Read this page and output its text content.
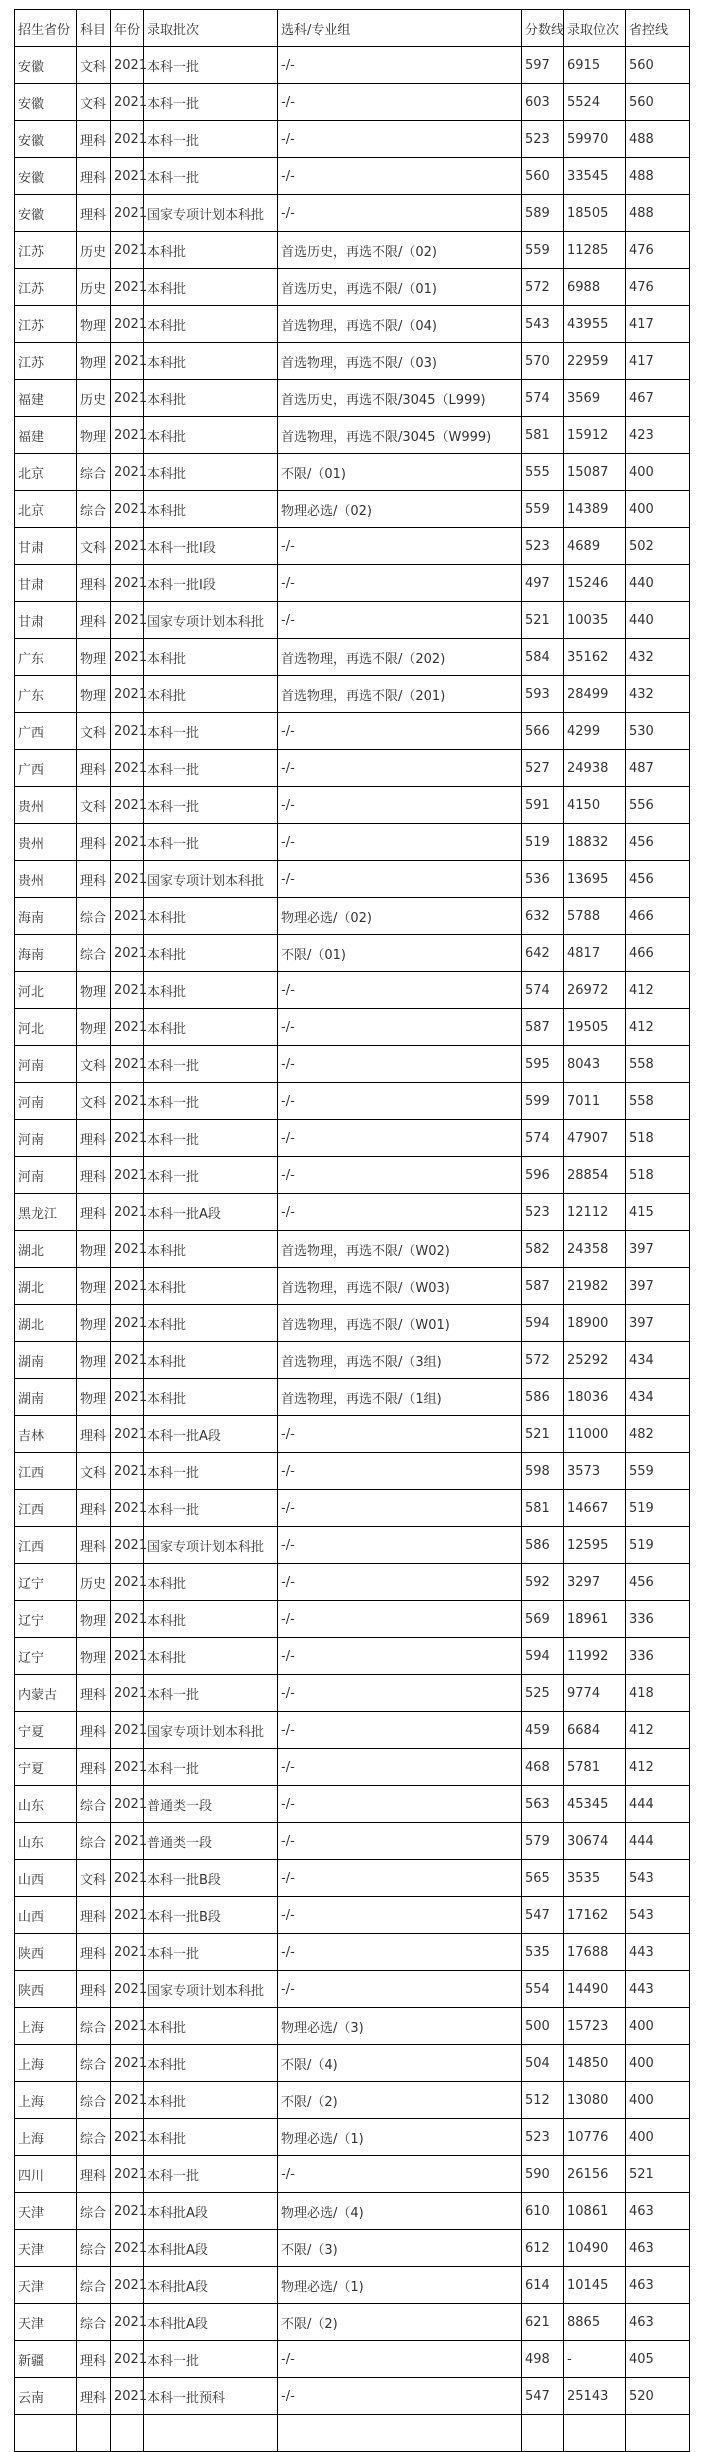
招生省份	科目	年份	录取批次	选科/专业组	分数线	录取位次	省控线
安徽	文科	2021	本科一批	-/-	597	6915	560
安徽	文科	2021	本科一批	-/-	603	5524	560
安徽	理科	2021	本科一批	-/-	523	59970	488
安徽	理科	2021	本科一批	-/-	560	33545	488
安徽	理科	2021	国家专项计划本科批	-/-	589	18505	488
江苏	历史	2021	本科批	首选历史，再选不限/（02)	559	11285	476
江苏	历史	2021	本科批	首选历史，再选不限/（01)	572	6988	476
江苏	物理	2021	本科批	首选物理，再选不限/（04)	543	43955	417
江苏	物理	2021	本科批	首选物理，再选不限/（03)	570	22959	417
福建	历史	2021	本科批	首选历史，再选不限/3045（L999)	574	3569	467
福建	物理	2021	本科批	首选物理，再选不限/3045（W999)	581	15912	423
北京	综合	2021	本科批	不限/（01)	555	15087	400
北京	综合	2021	本科批	物理必选/（02)	559	14389	400
甘肃	文科	2021	本科一批I段	-/-	523	4689	502
甘肃	理科	2021	本科一批I段	-/-	497	15246	440
甘肃	理科	2021	国家专项计划本科批	-/-	521	10035	440
广东	物理	2021	本科批	首选物理，再选不限/（202)	584	35162	432
广东	物理	2021	本科批	首选物理，再选不限/（201)	593	28499	432
广西	文科	2021	本科一批	-/-	566	4299	530
广西	理科	2021	本科一批	-/-	527	24938	487
贵州	文科	2021	本科一批	-/-	591	4150	556
贵州	理科	2021	本科一批	-/-	519	18832	456
贵州	理科	2021	国家专项计划本科批	-/-	536	13695	456
海南	综合	2021	本科批	物理必选/（02)	632	5788	466
海南	综合	2021	本科批	不限/（01)	642	4817	466
河北	物理	2021	本科批	-/-	574	26972	412
河北	物理	2021	本科批	-/-	587	19505	412
河南	文科	2021	本科一批	-/-	595	8043	558
河南	文科	2021	本科一批	-/-	599	7011	558
河南	理科	2021	本科一批	-/-	574	47907	518
河南	理科	2021	本科一批	-/-	596	28854	518
黑龙江	理科	2021	本科一批A段	-/-	523	12112	415
湖北	物理	2021	本科批	首选物理，再选不限/（W02)	582	24358	397
湖北	物理	2021	本科批	首选物理，再选不限/（W03)	587	21982	397
湖北	物理	2021	本科批	首选物理，再选不限/（W01)	594	18900	397
湖南	物理	2021	本科批	首选物理，再选不限/（3组)	572	25292	434
湖南	物理	2021	本科批	首选物理，再选不限/（1组)	586	18036	434
吉林	理科	2021	本科一批A段	-/-	521	11000	482
江西	文科	2021	本科一批	-/-	598	3573	559
江西	理科	2021	本科一批	-/-	581	14667	519
江西	理科	2021	国家专项计划本科批	-/-	586	12595	519
辽宁	历史	2021	本科批	-/-	592	3297	456
辽宁	物理	2021	本科批	-/-	569	18961	336
辽宁	物理	2021	本科批	-/-	594	11992	336
内蒙古	理科	2021	本科一批	-/-	525	9774	418
宁夏	理科	2021	国家专项计划本科批	-/-	459	6684	412
宁夏	理科	2021	本科一批	-/-	468	5781	412
山东	综合	2021	普通类一段	-/-	563	45345	444
山东	综合	2021	普通类一段	-/-	579	30674	444
山西	文科	2021	本科一批B段	-/-	565	3535	543
山西	理科	2021	本科一批B段	-/-	547	17162	543
陕西	理科	2021	本科一批	-/-	535	17688	443
陕西	理科	2021	国家专项计划本科批	-/-	554	14490	443
上海	综合	2021	本科批	物理必选/（3)	500	15723	400
上海	综合	2021	本科批	不限/（4)	504	14850	400
上海	综合	2021	本科批	不限/（2)	512	13080	400
上海	综合	2021	本科批	物理必选/（1)	523	10776	400
四川	理科	2021	本科一批	-/-	590	26156	521
天津	综合	2021	本科批A段	物理必选/（4)	610	10861	463
天津	综合	2021	本科批A段	不限/（3)	612	10490	463
天津	综合	2021	本科批A段	物理必选/（1)	614	10145	463
天津	综合	2021	本科批A段	不限/（2)	621	8865	463
新疆	理科	2021	本科一批	-/-	498	-	405
云南	理科	2021	本科一批预科	-/-	547	25143	520
